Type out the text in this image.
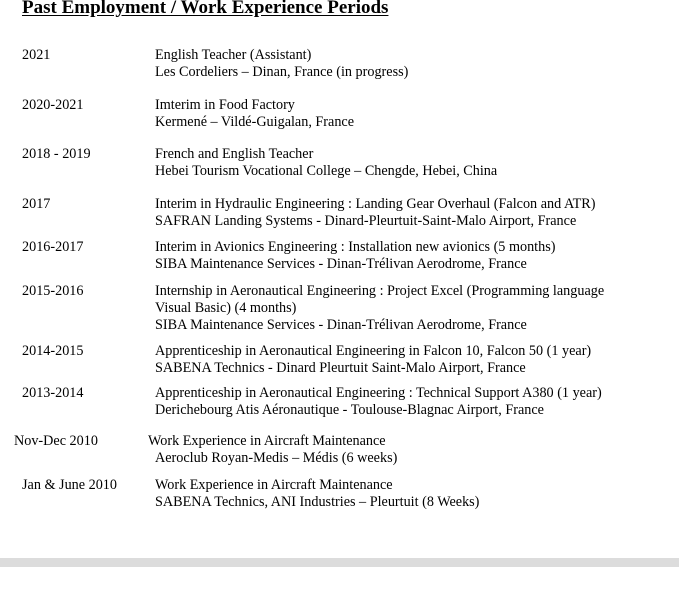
Past Employment / Work Experience Periods
2021	English Teacher (Assistant)
Les Cordeliers – Dinan, France (in progress)
2020-2021	Imterim in Food Factory
Kermené – Vildé-Guigalan, France
2018 - 2019	French and English Teacher
Hebei Tourism Vocational College – Chengde, Hebei, China
2017	Interim in Hydraulic Engineering : Landing Gear Overhaul (Falcon and ATR)
SAFRAN Landing Systems - Dinard-Pleurtuit-Saint-Malo Airport, France
2016-2017	Interim in Avionics Engineering : Installation new avionics (5 months)
SIBA Maintenance Services - Dinan-Trélivan Aerodrome, France
2015-2016	Internship in Aeronautical Engineering : Project Excel (Programming language Visual Basic) (4 months)
SIBA Maintenance Services - Dinan-Trélivan Aerodrome, France
2014-2015	Apprenticeship in Aeronautical Engineering in Falcon 10, Falcon 50 (1 year)
SABENA Technics - Dinard Pleurtuit Saint-Malo Airport, France
2013-2014	Apprenticeship in Aeronautical Engineering : Technical Support A380 (1 year)
Derichebourg Atis Aéronautique - Toulouse-Blagnac Airport, France
Nov-Dec 2010	Work Experience in Aircraft Maintenance
Aeroclub Royan-Medis – Médis (6 weeks)
Jan & June 2010	Work Experience in Aircraft Maintenance
SABENA Technics, ANI Industries – Pleurtuit (8 Weeks)
